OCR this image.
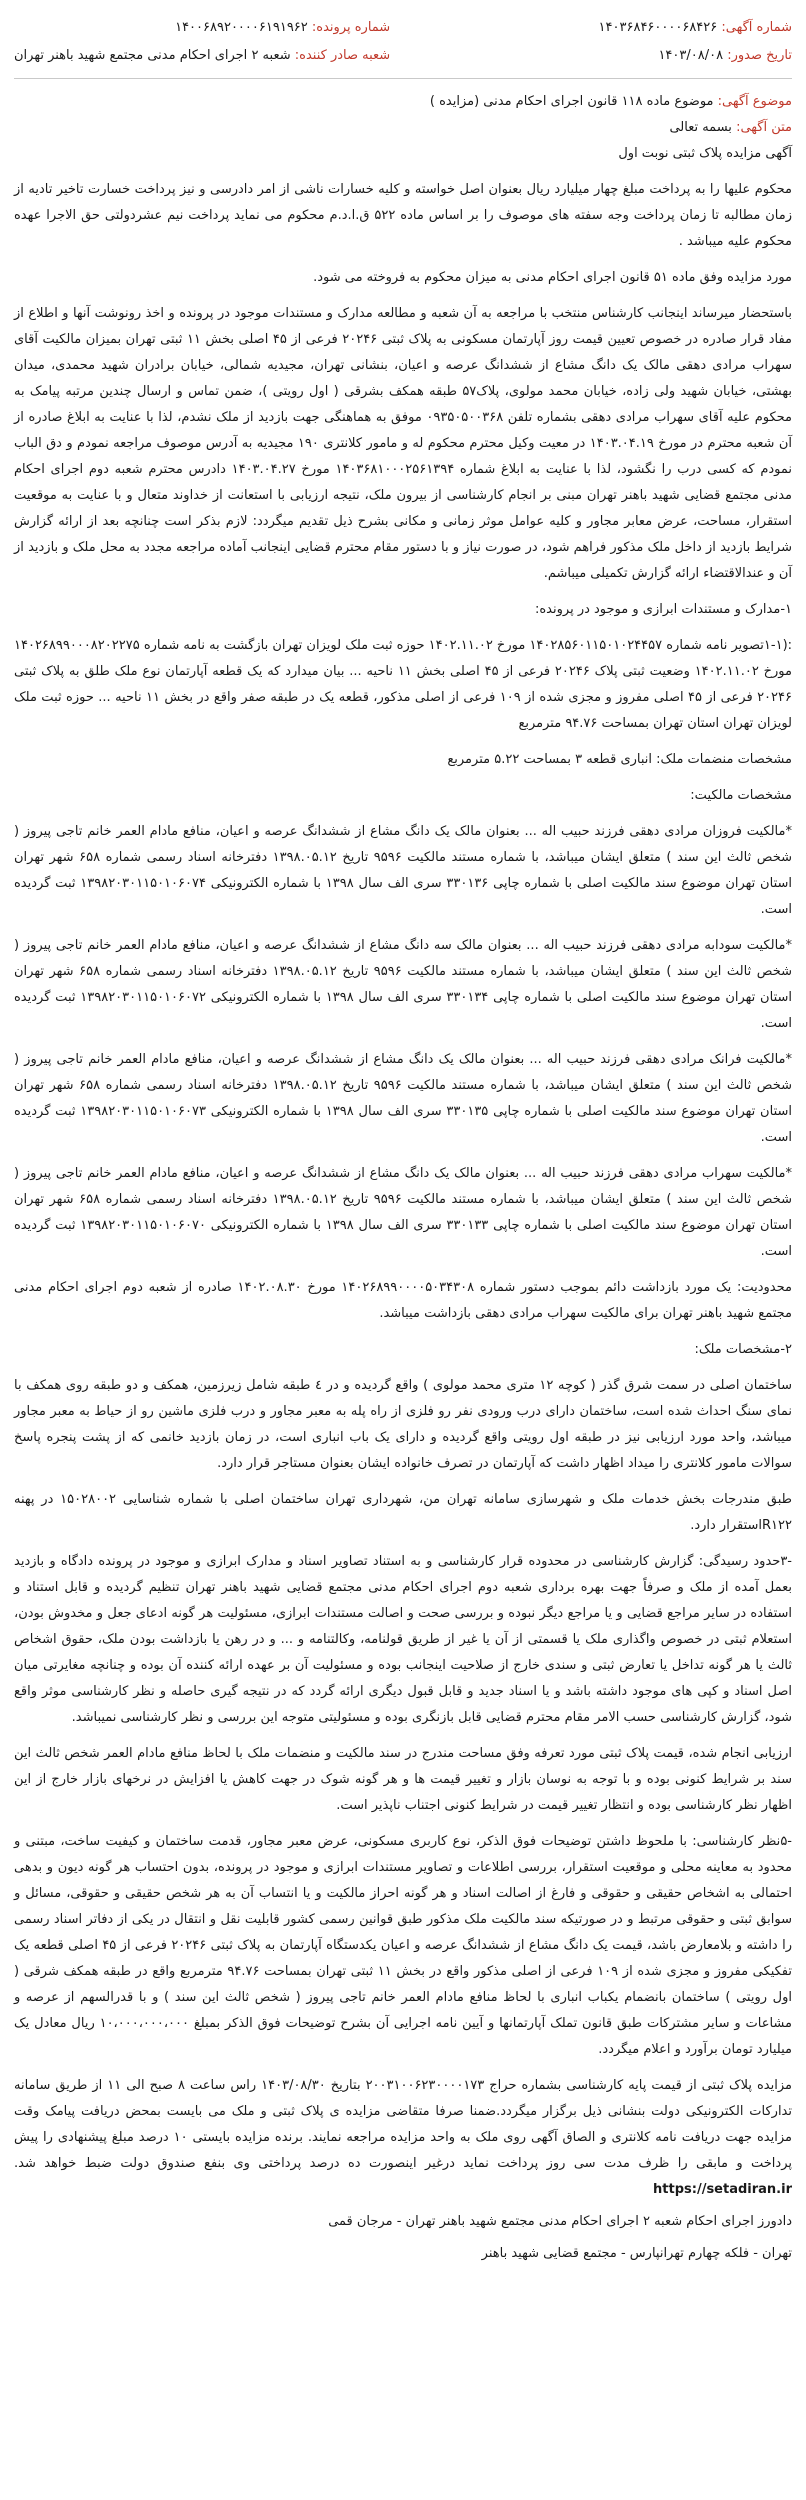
شماره آگهی: ۱۴۰۳۶۸۴۶۰۰۰۰۶۸۴۲۶
تاریخ صدور: ۱۴۰۳/۰۸/۰۸
شماره پرونده: ۱۴۰۰۶۸۹۲۰۰۰۰۶۱۹۱۹۶۲
شعبه صادر کننده: شعبه ۲ اجرای احکام مدنی مجتمع شهید باهنر تهران
موضوع آگهی: موضوع ماده ۱۱۸ قانون اجرای احکام مدنی (مزایده )
متن آگهی: بسمه تعالی
آگهی مزایده پلاک ثبتی نوبت اول

محکوم علیها را به پرداخت مبلغ چهار میلیارد ریال بعنوان اصل خواسته و کلیه خسارات ناشی از امر دادرسی و نیز پرداخت خسارت تاخیر تادیه از زمان مطالبه تا زمان پرداخت وجه سفته های موصوف را بر اساس ماده ۵۲۲ ق.ا.د.م محکوم می نماید پرداخت نیم عشردولتی حق الاجرا عهده محکوم علیه میباشد .

مورد مزایده وفق ماده ۵۱ قانون اجرای احکام مدنی به میزان محکوم به فروخته می شود.

باستحضار میرساند اینجانب کارشناس منتخب با مراجعه به آن شعبه و مطالعه مدارک و مستندات موجود در پرونده و اخذ رونوشت آنها و اطلاع از مفاد قرار صادره در خصوص تعیین قیمت روز آپارتمان مسکونی به پلاک ثبتی ۲۰۲۴۶ فرعی از ۴۵ اصلی بخش ۱۱ ثبتی تهران بمیزان مالکیت آقای سهراب مرادی دهقی مالک یک دانگ مشاع از ششدانگ عرصه و اعیان، بنشانی تهران، مجیدیه شمالی، خیابان برادران شهید محمدی، میدان بهشتی، خیابان شهید ولی زاده، خیابان محمد مولوی، پلاک۵۷ طبقه همکف بشرقی ( اول رویتی )، ضمن تماس و ارسال چندین مرتبه پیامک به محکوم علیه آقای سهراب مرادی دهقی بشماره تلفن ۰۹۳۵۰۵۰۰۳۶۸ موفق به هماهنگی جهت بازدید از ملک نشدم، لذا با عنایت به ابلاغ صادره از آن شعبه محترم در مورخ ۱۴۰۳.۰۴.۱۹ در معیت وکیل محترم محکوم له و مامور کلانتری ۱۹۰ مجیدیه به آدرس موصوف مراجعه نمودم و دق الباب نمودم که کسی درب را نگشود، لذا با عنایت به ابلاغ شماره ۱۴۰۳۶۸۱۰۰۰۲۵۶۱۳۹۴ مورخ ۱۴۰۳.۰۴.۲۷ دادرس محترم شعبه دوم اجرای احکام مدنی مجتمع قضایی شهید باهنر تهران مبنی بر انجام کارشناسی از بیرون ملک، نتیجه ارزیابی با استعانت از خداوند متعال و با عنایت به موقعیت استقرار، مساحت، عرض معابر مجاور و کلیه عوامل موثر زمانی و مکانی بشرح ذیل تقدیم میگردد: لازم بذکر است چنانچه بعد از ارائه گزارش شرایط بازدید از داخل ملک مذکور فراهم شود، در صورت نیاز و با دستور مقام محترم قضایی اینجانب آماده مراجعه مجدد به محل ملک و بازدید از آن و عندالاقتضاء ارائه گزارش تکمیلی میباشم.

۱-مدارک و مستندات ابرازی و موجود در پرونده:

:(۱-۱تصویر نامه شماره ۱۴۰۲۸۵۶۰۱۱۵۰۱۰۲۴۴۵۷ مورخ ۱۴۰۲.۱۱.۰۲ حوزه ثبت ملک لویزان تهران بازگشت به نامه شماره ۱۴۰۲۶۸۹۹۰۰۰۸۲۰۲۲۷۵ مورخ ۱۴۰۲.۱۱.۰۲ وضعیت ثبتی پلاک ۲۰۲۴۶ فرعی از ۴۵ اصلی بخش ۱۱ ناحیه ... بیان میدارد که یک قطعه آپارتمان نوع ملک طلق به پلاک ثبتی ۲۰۲۴۶ فرعی از ۴۵ اصلی مفروز و مجزی شده از ۱۰۹ فرعی از اصلی مذکور، قطعه یک در طبقه صفر واقع در بخش ۱۱ ناحیه ... حوزه ثبت ملک لویزان تهران استان تهران بمساحت ۹۴.۷۶ مترمربع

مشخصات منضمات ملک: انباری قطعه ۳ بمساحت ۵.۲۲ مترمربع

مشخصات مالکیت:

*مالکیت فروزان مرادی دهقی فرزند حبیب اله ... بعنوان مالک یک دانگ مشاع از ششدانگ عرصه و اعیان، منافع مادام العمر خانم تاجی پیروز ( شخص ثالث این سند ) متعلق ایشان میباشد، با شماره مستند مالکیت ۹۵۹۶ تاریخ ۱۳۹۸.۰۵.۱۲ دفترخانه اسناد رسمی شماره ۶۵۸ شهر تهران استان تهران موضوع سند مالکیت اصلی با شماره چاپی ۳۳۰۱۳۶ سری الف سال ۱۳۹۸ با شماره الکترونیکی ۱۳۹۸۲۰۳۰۱۱۵۰۱۰۶۰۷۴ ثبت گردیده است.

*مالکیت سودابه مرادی دهقی فرزند حبیب اله ... بعنوان مالک سه دانگ مشاع از ششدانگ عرصه و اعیان، منافع مادام العمر خانم تاجی پیروز ( شخص ثالث این سند ) متعلق ایشان میباشد، با شماره مستند مالکیت ۹۵۹۶ تاریخ ۱۳۹۸.۰۵.۱۲ دفترخانه اسناد رسمی شماره ۶۵۸ شهر تهران استان تهران موضوع سند مالکیت اصلی با شماره چاپی ۳۳۰۱۳۴ سری الف سال ۱۳۹۸ با شماره الکترونیکی ۱۳۹۸۲۰۳۰۱۱۵۰۱۰۶۰۷۲ ثبت گردیده است.

*مالکیت فرانک مرادی دهقی فرزند حبیب اله ... بعنوان مالک یک دانگ مشاع از ششدانگ عرصه و اعیان، منافع مادام العمر خانم تاجی پیروز ( شخص ثالث این سند ) متعلق ایشان میباشد، با شماره مستند مالکیت ۹۵۹۶ تاریخ ۱۳۹۸.۰۵.۱۲ دفترخانه اسناد رسمی شماره ۶۵۸ شهر تهران استان تهران موضوع سند مالکیت اصلی با شماره چاپی ۳۳۰۱۳۵ سری الف سال ۱۳۹۸ با شماره الکترونیکی ۱۳۹۸۲۰۳۰۱۱۵۰۱۰۶۰۷۳ ثبت گردیده است.

*مالکیت سهراب مرادی دهقی فرزند حبیب اله ... بعنوان مالک یک دانگ مشاع از ششدانگ عرصه و اعیان، منافع مادام العمر خانم تاجی پیروز ( شخص ثالث این سند ) متعلق ایشان میباشد، با شماره مستند مالکیت ۹۵۹۶ تاریخ ۱۳۹۸.۰۵.۱۲ دفترخانه اسناد رسمی شماره ۶۵۸ شهر تهران استان تهران موضوع سند مالکیت اصلی با شماره چاپی ۳۳۰۱۳۳ سری الف سال ۱۳۹۸ با شماره الکترونیکی ۱۳۹۸۲۰۳۰۱۱۵۰۱۰۶۰۷۰ ثبت گردیده است.

محدودیت: یک مورد بازداشت دائم بموجب دستور شماره ۱۴۰۲۶۸۹۹۰۰۰۰۵۰۳۴۳۰۸ مورخ ۱۴۰۲.۰۸.۳۰ صادره از شعبه دوم اجرای احکام مدنی مجتمع شهید باهنر تهران برای مالکیت سهراب مرادی دهقی بازداشت میباشد.

۲-مشخصات ملک:

ساختمان اصلی در سمت شرق گذر ( کوچه ۱۲ متری محمد مولوی ) واقع گردیده و در ٤ طبقه شامل زیرزمین، همکف و دو طبقه روی همکف با نمای سنگ احداث شده است، ساختمان دارای درب ورودی نفر رو فلزی از راه پله به معبر مجاور و درب فلزی ماشین رو از حیاط به معبر مجاور میباشد، واحد مورد ارزیابی نیز در طبقه اول رویتی واقع گردیده و دارای یک باب انباری است، در زمان بازدید خانمی که از پشت پنجره پاسخ سوالات مامور کلانتری را میداد اظهار داشت که آپارتمان در تصرف خانواده ایشان بعنوان مستاجر قرار دارد.

طبق مندرجات بخش خدمات ملک و شهرسازی سامانه تهران من، شهرداری تهران ساختمان اصلی با شماره شناسایی ۱۵۰۲۸۰۰۲ در پهنه R۱۲۲استقرار دارد.

-۳حدود رسیدگی: گزارش کارشناسی در محدوده قرار کارشناسی و به استناد تصاویر اسناد و مدارک ابرازی و موجود در پرونده دادگاه و بازدید بعمل آمده از ملک و صرفاً جهت بهره برداری شعبه دوم اجرای احکام مدنی مجتمع قضایی شهید باهنر تهران تنظیم گردیده و قابل استناد و استفاده در سایر مراجع قضایی و یا مراجع دیگر نبوده و بررسی صحت و اصالت مستندات ابرازی، مسئولیت هر گونه ادعای جعل و مخدوش بودن، استعلام ثبتی در خصوص واگذاری ملک یا قسمتی از آن یا غیر از طریق قولنامه، وکالتنامه و ... و در رهن یا بازداشت بودن ملک، حقوق اشخاص ثالث یا هر گونه تداخل یا تعارض ثبتی و سندی خارج از صلاحیت اینجانب بوده و مسئولیت آن بر عهده ارائه کننده آن بوده و چنانچه مغایرتی میان اصل اسناد و کپی های موجود داشته باشد و یا اسناد جدید و قابل قبول دیگری ارائه گردد که در نتیجه گیری حاصله و نظر کارشناسی موثر واقع شود، گزارش کارشناسی حسب الامر مقام محترم قضایی قابل بازنگری بوده و مسئولیتی متوجه این بررسی و نظر کارشناسی نمیباشد.

ارزیابی انجام شده، قیمت پلاک ثبتی مورد تعرفه وفق مساحت مندرج در سند مالکیت و منضمات ملک با لحاظ منافع مادام العمر شخص ثالث این سند بر شرایط کنونی بوده و با توجه به نوسان بازار و تغییر قیمت ها و هر گونه شوک در جهت کاهش یا افزایش در نرخهای بازار خارج از این اظهار نظر کارشناسی بوده و انتظار تغییر قیمت در شرایط کنونی اجتناب ناپذیر است.

-۵نظر کارشناسی: با ملحوظ داشتن توضیحات فوق الذکر، نوع کاربری مسکونی، عرض معبر مجاور، قدمت ساختمان و کیفیت ساخت، مبتنی و محدود به معاینه محلی و موقعیت استقرار، بررسی اطلاعات و تصاویر مستندات ابرازی و موجود در پرونده، بدون احتساب هر گونه دیون و بدهی احتمالی به اشخاص حقیقی و حقوقی و فارغ از اصالت اسناد و هر گونه احراز مالکیت و یا انتساب آن به هر شخص حقیقی و حقوقی، مسائل و سوابق ثبتی و حقوقی مرتبط و در صورتیکه سند مالکیت ملک مذکور طبق قوانین رسمی کشور قابلیت نقل و انتقال در یکی از دفاتر اسناد رسمی را داشته و بلامعارض باشد، قیمت یک دانگ مشاع از ششدانگ عرصه و اعیان یکدستگاه آپارتمان به پلاک ثبتی ۲۰۲۴۶ فرعی از ۴۵ اصلی قطعه یک تفکیکی مفروز و مجزی شده از ۱۰۹ فرعی از اصلی مذکور واقع در بخش ۱۱ ثبتی تهران بمساحت ۹۴.۷۶ مترمربع واقع در طبقه همکف شرقی ( اول رویتی ) ساختمان بانضمام یکباب انباری با لحاظ منافع مادام العمر خانم تاجی پیروز ( شخص ثالث این سند ) و با قدرالسهم از عرصه و مشاعات و سایر مشترکات طبق قانون تملک آپارتمانها و آیین نامه اجرایی آن بشرح توضیحات فوق الذکر بمبلغ ۱۰،۰۰۰،۰۰۰،۰۰۰ ریال معادل یک میلیارد تومان برآورد و اعلام میگردد.

مزایده پلاک ثبتی از قیمت پایه کارشناسی بشماره حراج ۲۰۰۳۱۰۰۶۲۳۰۰۰۰۱۷۳ بتاریخ ۱۴۰۳/۰۸/۳۰ راس ساعت ۸ صبح الی ۱۱ از طریق سامانه تدارکات الکترونیکی دولت بنشانی ذیل برگزار میگردد.ضمنا صرفا متقاضی مزایده ی پلاک ثبتی و ملک می بایست بمحض دریافت پیامک وقت مزایده جهت دریافت نامه کلانتری و الصاق آگهی روی ملک به واحد مزایده مراجعه نمایند. برنده مزایده بایستی ۱۰ درصد مبلغ پیشنهادی را پیش پرداخت و مابقی را ظرف مدت سی روز پرداخت نماید درغیر اینصورت ده درصد پرداختی وی بنفع صندوق دولت ضبط خواهد شد. https://setadiran.ir

دادورز اجرای احکام شعبه ۲ اجرای احکام مدنی مجتمع شهید باهنر تهران - مرجان قمی
تهران - فلکه چهارم تهرانپارس - مجتمع قضایی شهید باهنر
